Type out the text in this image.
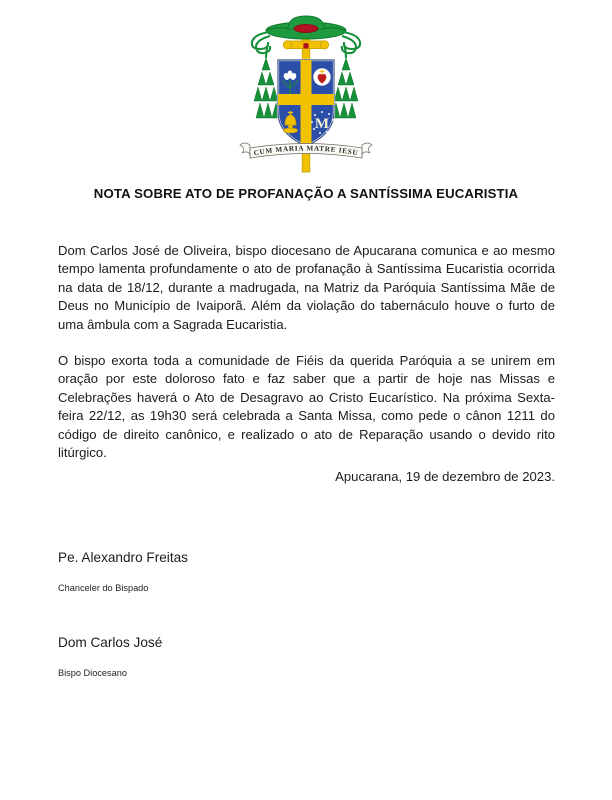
M
CUM MARIA MATRE IESU
NOTA SOBRE ATO DE PROFANAÇÃO A SANTÍSSIMA EUCARISTIA

Dom Carlos José de Oliveira, bispo diocesano de Apucarana comunica e ao mesmo tempo lamenta profundamente o ato de profanação à Santíssima Eucaristia ocorrida na data de 18/12, durante a madrugada, na Matriz da Paróquia Santíssima Mãe de Deus no Município de Ivaiporã. Além da violação do tabernáculo houve o furto de uma âmbula com a Sagrada Eucaristia.

O bispo exorta toda a comunidade de Fiéis da querida Paróquia a se unirem em oração por este doloroso fato e faz saber que a partir de hoje nas Missas e Celebrações haverá o Ato de Desagravo ao Cristo Eucarístico. Na próxima Sexta-feira 22/12, as 19h30 será celebrada a Santa Missa, como pede o cânon 1211 do código de direito canônico, e realizado o ato de Reparação usando o devido rito litúrgico.

Apucarana, 19 de dezembro de 2023.
Pe. Alexandro Freitas
Chanceler do Bispado
Dom Carlos José
Bispo Diocesano
